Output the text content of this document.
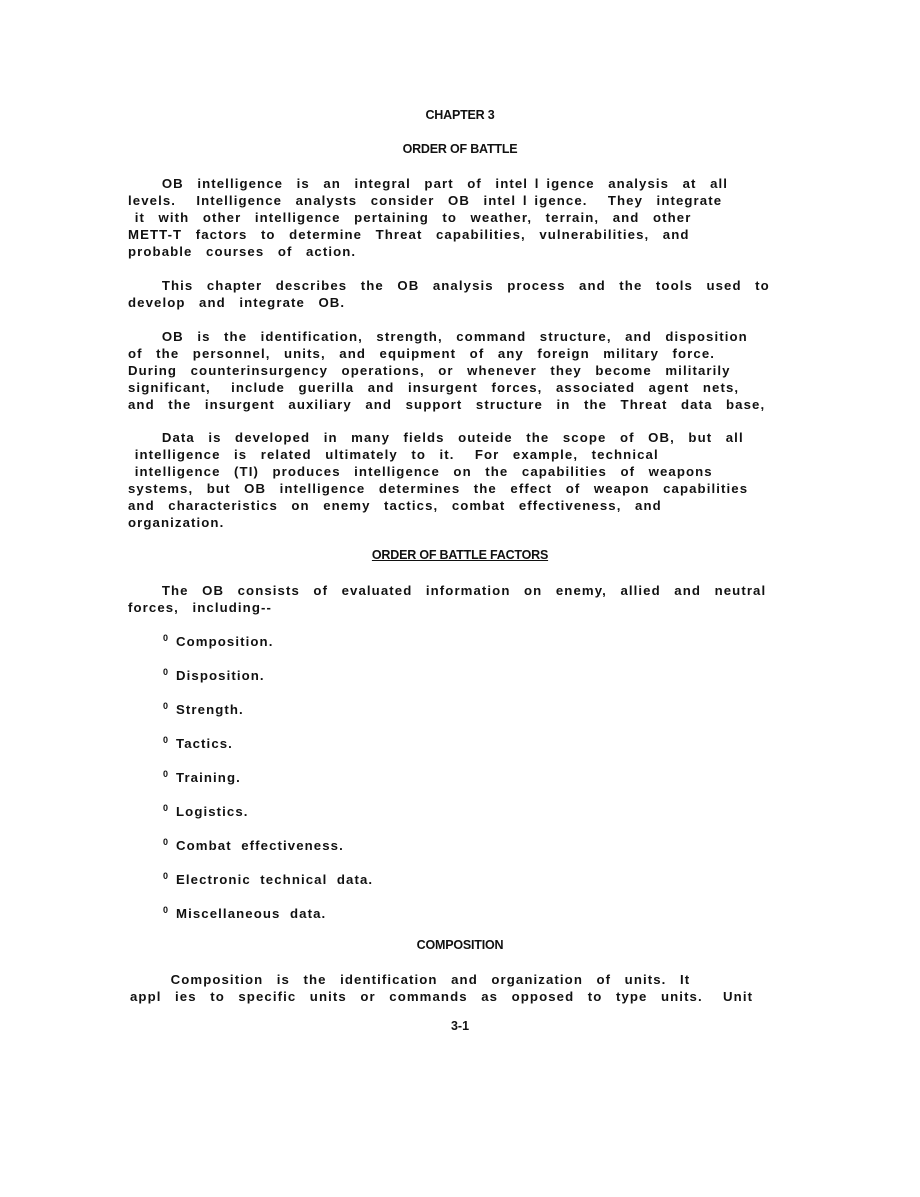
CHAPTER 3
ORDER OF BATTLE
OB  intelligence  is  an  integral  part  of  intel l igence  analysis  at  all
levels.   Intelligence  analysts  consider  OB  intel l igence.   They  integrate
it  with  other  intelligence  pertaining  to  weather,  terrain,  and  other
METT-T  factors  to  determine  Threat  capabilities,  vulnerabilities,  and
probable  courses  of  action.
This  chapter  describes  the  OB  analysis  process  and  the  tools  used  to
develop  and  integrate  OB.
OB  is  the  identification,  strength,  command  structure,  and  disposition
of  the  personnel,  units,  and  equipment  of  any  foreign  military  force.
During  counterinsurgency  operations,  or  whenever  they  become  militarily
significant,   include  guerilla  and  insurgent  forces,  associated  agent  nets,
and  the  insurgent  auxiliary  and  support  structure  in  the  Threat  data  base,
Data  is  developed  in  many  fields  outeide  the  scope  of  OB,  but  all
intelligence  is  related  ultimately  to  it.   For  example,  technical
intelligence  (TI)  produces  intelligence  on  the  capabilities  of  weapons
systems,  but  OB  intelligence  determines  the  effect  of  weapon  capabilities
and  characteristics  on  enemy  tactics,  combat  effectiveness,  and
organization.
ORDER OF BATTLE FACTORS
The  OB  consists  of  evaluated  information  on  enemy,  allied  and  neutral
forces,  including--
0 Composition.
0 Disposition.
0 Strength.
0 Tactics.
0 Training.
0 Logistics.
0 Combat  effectiveness.
0 Electronic  technical  data.
0 Miscellaneous  data.
COMPOSITION
Composition  is  the  identification  and  organization  of  units.  It
appl  ies  to  specific  units  or  commands  as  opposed  to  type  units.   Unit
3-1
